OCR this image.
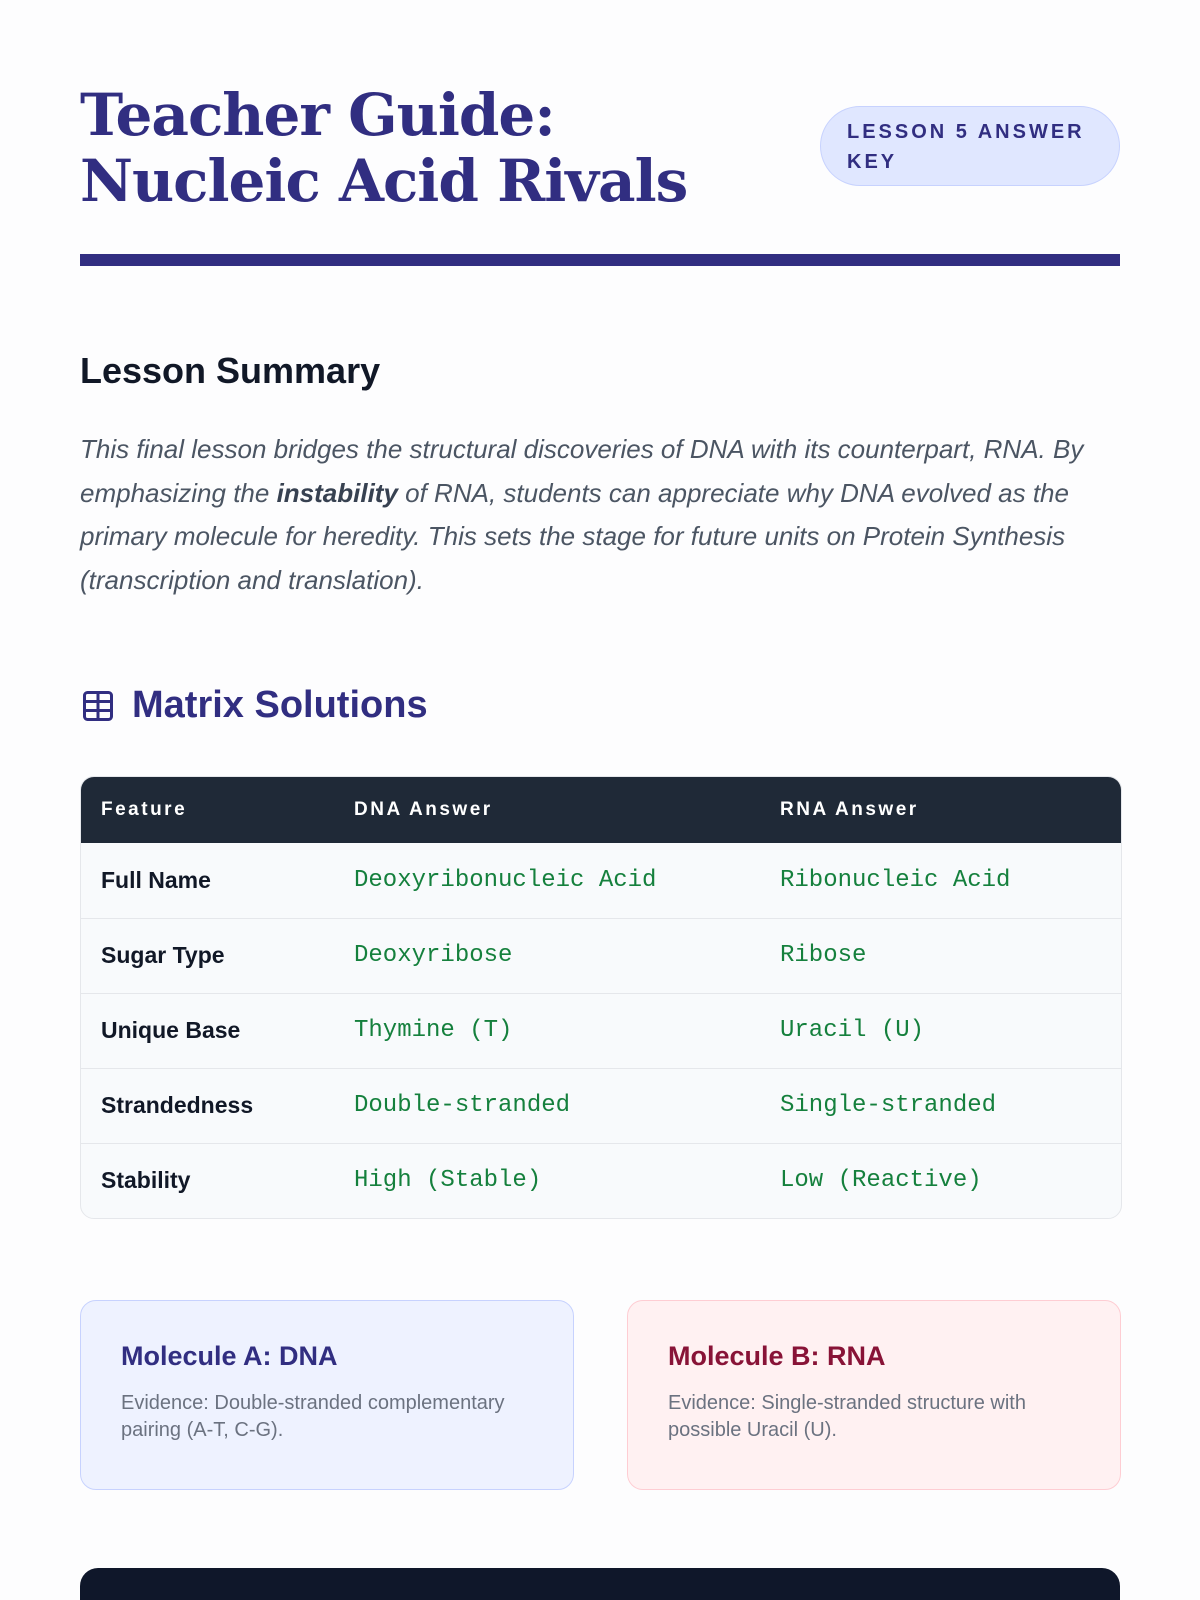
Teacher Guide: Nucleic Acid Rivals
LESSON 5 ANSWER KEY
Lesson Summary

This final lesson bridges the structural discoveries of DNA with its counterpart, RNA. By emphasizing the instability of RNA, students can appreciate why DNA evolved as the primary molecule for heredity. This sets the stage for future units on Protein Synthesis (transcription and translation).

Matrix Solutions
Feature	DNA Answer	RNA Answer
Full Name	Deoxyribonucleic Acid	Ribonucleic Acid
Sugar Type	Deoxyribose	Ribose
Unique Base	Thymine (T)	Uracil (U)
Strandedness	Double-stranded	Single-stranded
Stability	High (Stable)	Low (Reactive)
Molecule A: DNA

Evidence: Double-stranded complementary pairing (A-T, C-G).

Molecule B: RNA

Evidence: Single-stranded structure with possible Uracil (U).
